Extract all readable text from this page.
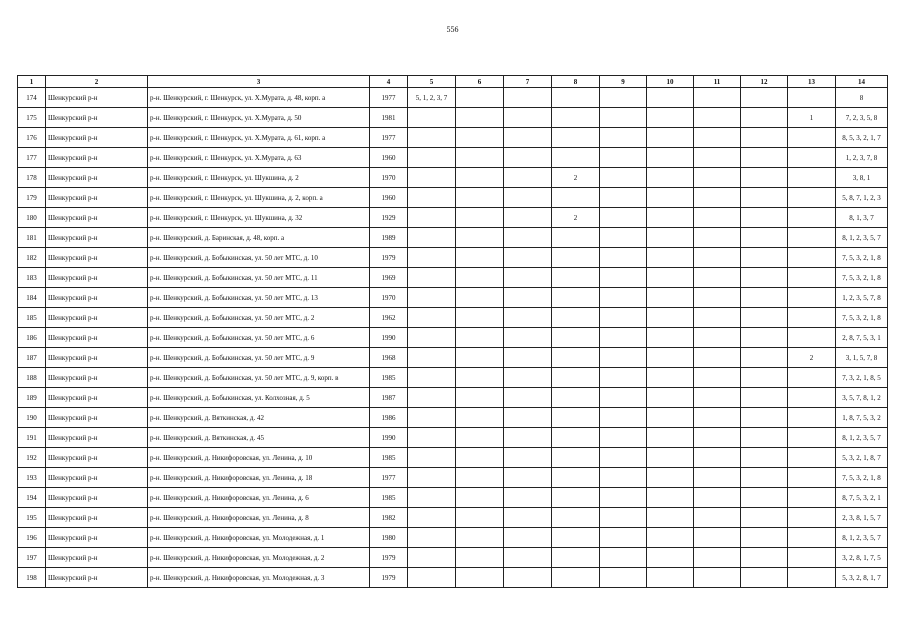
556
1	2	3	4	5	6	7	8	9	10	11	12	13	14
174	Шенкурский р-н	р-н. Шенкурский, г. Шенкурск, ул. Х.Мурата, д. 48, корп. а	1977	5, 1, 2, 3, 7									8
175	Шенкурский р-н	р-н. Шенкурский, г. Шенкурск, ул. Х.Мурата, д. 50	1981									1	7, 2, 3, 5, 8
176	Шенкурский р-н	р-н. Шенкурский, г. Шенкурск, ул. Х.Мурата, д. 61, корп. а	1977										8, 5, 3, 2, 1, 7
177	Шенкурский р-н	р-н. Шенкурский, г. Шенкурск, ул. Х.Мурата, д. 63	1960										1, 2, 3, 7, 8
178	Шенкурский р-н	р-н. Шенкурский, г. Шенкурск, ул. Шукшина, д. 2	1970				2						3, 8, 1
179	Шенкурский р-н	р-н. Шенкурский, г. Шенкурск, ул. Шукшина, д. 2, корп. а	1960										5, 8, 7, 1, 2, 3
180	Шенкурский р-н	р-н. Шенкурский, г. Шенкурск, ул. Шукшина, д. 32	1929				2						8, 1, 3, 7
181	Шенкурский р-н	р-н. Шенкурский, д. Баринская, д. 48, корп. а	1989										8, 1, 2, 3, 5, 7
182	Шенкурский р-н	р-н. Шенкурский, д. Бобыкинская, ул. 50 лет МТС, д. 10	1979										7, 5, 3, 2, 1, 8
183	Шенкурский р-н	р-н. Шенкурский, д. Бобыкинская, ул. 50 лет МТС, д. 11	1969										7, 5, 3, 2, 1, 8
184	Шенкурский р-н	р-н. Шенкурский, д. Бобыкинская, ул. 50 лет МТС, д. 13	1970										1, 2, 3, 5, 7, 8
185	Шенкурский р-н	р-н. Шенкурский, д. Бобыкинская, ул. 50 лет МТС, д. 2	1962										7, 5, 3, 2, 1, 8
186	Шенкурский р-н	р-н. Шенкурский, д. Бобыкинская, ул. 50 лет МТС, д. 6	1990										2, 8, 7, 5, 3, 1
187	Шенкурский р-н	р-н. Шенкурский, д. Бобыкинская, ул. 50 лет МТС, д. 9	1968									2	3, 1, 5, 7, 8
188	Шенкурский р-н	р-н. Шенкурский, д. Бобыкинская, ул. 50 лет МТС, д. 9, корп. в	1985										7, 3, 2, 1, 8, 5
189	Шенкурский р-н	р-н. Шенкурский, д. Бобыкинская, ул. Колхозная, д. 5	1987										3, 5, 7, 8, 1, 2
190	Шенкурский р-н	р-н. Шенкурский, д. Вяткинская, д. 42	1986										1, 8, 7, 5, 3, 2
191	Шенкурский р-н	р-н. Шенкурский, д. Вяткинская, д. 45	1990										8, 1, 2, 3, 5, 7
192	Шенкурский р-н	р-н. Шенкурский, д. Никифоровская, ул. Ленина, д. 10	1985										5, 3, 2, 1, 8, 7
193	Шенкурский р-н	р-н. Шенкурский, д. Никифоровская, ул. Ленина, д. 18	1977										7, 5, 3, 2, 1, 8
194	Шенкурский р-н	р-н. Шенкурский, д. Никифоровская, ул. Ленина, д. 6	1985										8, 7, 5, 3, 2, 1
195	Шенкурский р-н	р-н. Шенкурский, д. Никифоровская, ул. Ленина, д. 8	1982										2, 3, 8, 1, 5, 7
196	Шенкурский р-н	р-н. Шенкурский, д. Никифоровская, ул. Молодежная, д. 1	1980										8, 1, 2, 3, 5, 7
197	Шенкурский р-н	р-н. Шенкурский, д. Никифоровская, ул. Молодежная, д. 2	1979										3, 2, 8, 1, 7, 5
198	Шенкурский р-н	р-н. Шенкурский, д. Никифоровская, ул. Молодежная, д. 3	1979										5, 3, 2, 8, 1, 7
